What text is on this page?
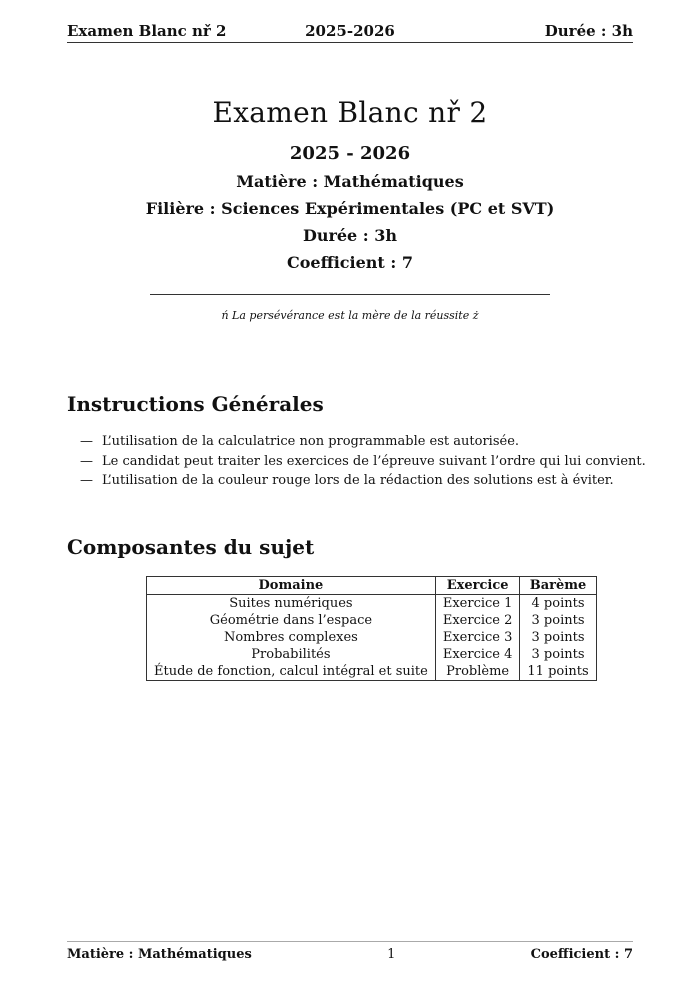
Examen Blanc nř 2	2025-2026	Durée : 3h
Examen Blanc nř 2
2025 - 2026
Matière : Mathématiques
Filière : Sciences Expérimentales (PC et SVT)
Durée : 3h
Coefficient : 7
ń La persévérance est la mère de la réussite ż
Instructions Générales
— L’utilisation de la calculatrice non programmable est autorisée.
— Le candidat peut traiter les exercices de l’épreuve suivant l’ordre qui lui convient.
— L’utilisation de la couleur rouge lors de la rédaction des solutions est à éviter.
Composantes du sujet
Domaine	Exercice	Barème
Suites numériques	Exercice 1	4 points
Géométrie dans l’espace	Exercice 2	3 points
Nombres complexes	Exercice 3	3 points
Probabilités	Exercice 4	3 points
Étude de fonction, calcul intégral et suite	Problème	11 points
Matière : Mathématiques	1	Coefficient : 7
